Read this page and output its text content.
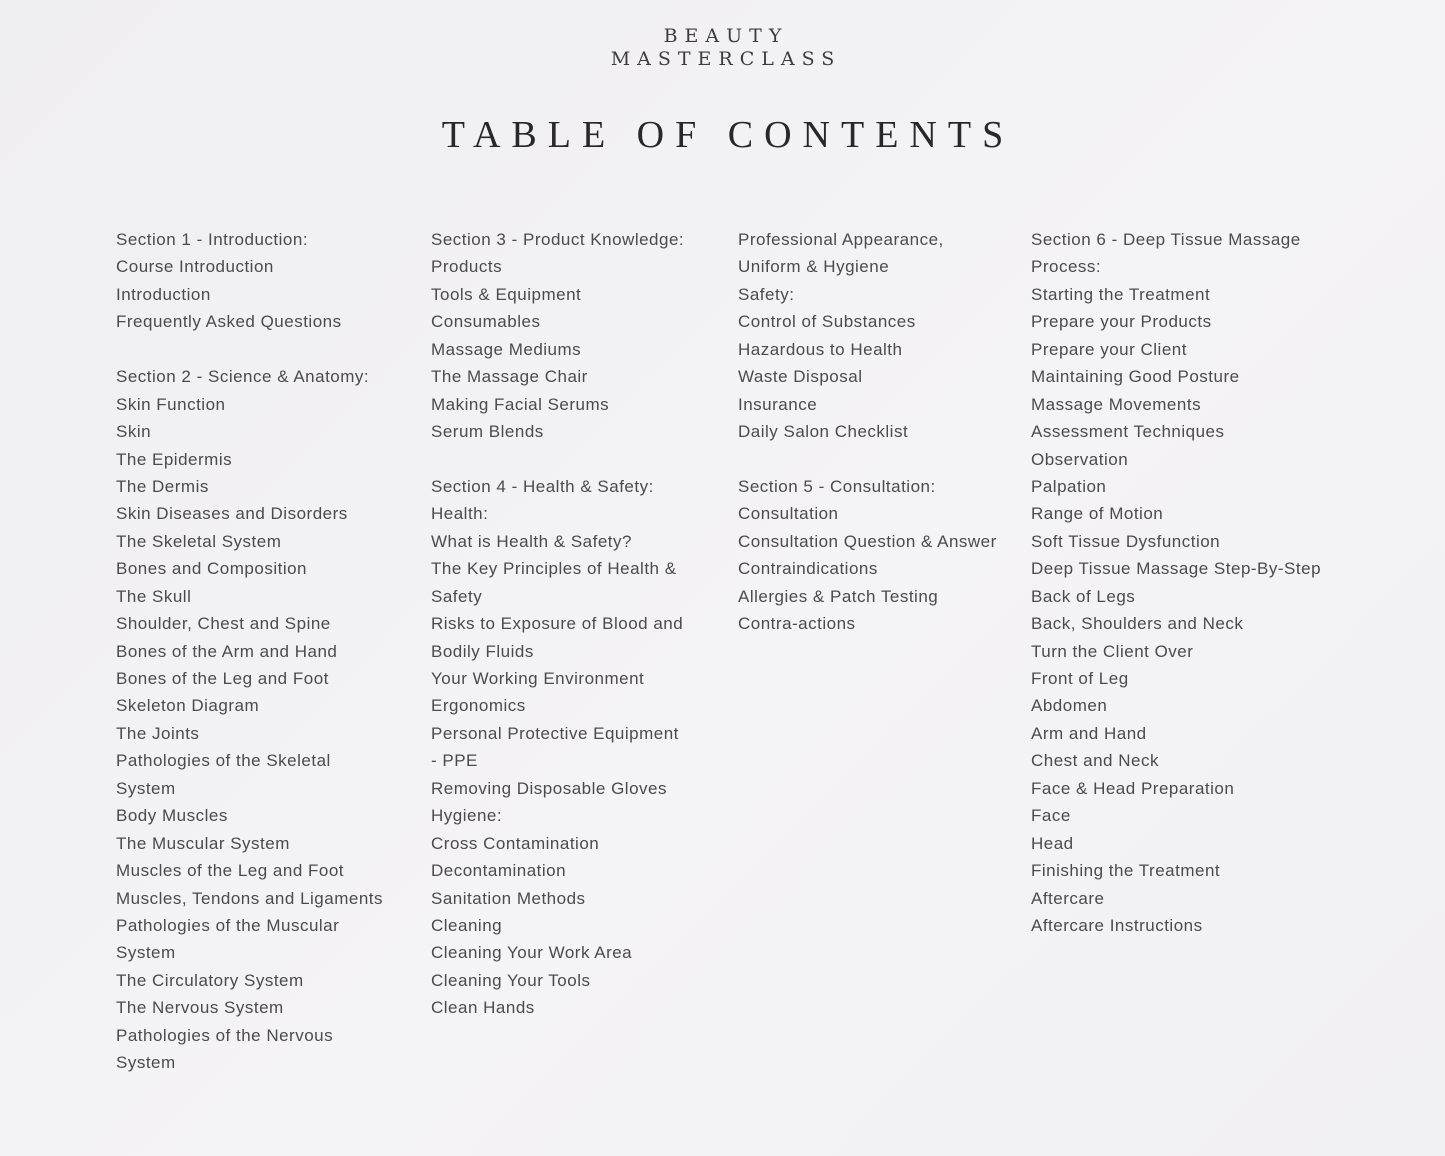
BEAUTY
MASTERCLASS
TABLE OF CONTENTS
Section 1 - Introduction:
Course Introduction
Introduction
Frequently Asked Questions
Section 2 - Science & Anatomy:
Skin Function
Skin
The Epidermis
The Dermis
Skin Diseases and Disorders
The Skeletal System
Bones and Composition
The Skull
Shoulder, Chest and Spine
Bones of the Arm and Hand
Bones of the Leg and Foot
Skeleton Diagram
The Joints
Pathologies of the Skeletal
System
Body Muscles
The Muscular System
Muscles of the Leg and Foot
Muscles, Tendons and Ligaments
Pathologies of the Muscular
System
The Circulatory System
The Nervous System
Pathologies of the Nervous
System
Section 3 - Product Knowledge:
Products
Tools & Equipment
Consumables
Massage Mediums
The Massage Chair
Making Facial Serums
Serum Blends
Section 4 - Health & Safety:
Health:
What is Health & Safety?
The Key Principles of Health &
Safety
Risks to Exposure of Blood and
Bodily Fluids
Your Working Environment
Ergonomics
Personal Protective Equipment
- PPE
Removing Disposable Gloves
Hygiene:
Cross Contamination
Decontamination
Sanitation Methods
Cleaning
Cleaning Your Work Area
Cleaning Your Tools
Clean Hands
Professional Appearance,
Uniform & Hygiene
Safety:
Control of Substances
Hazardous to Health
Waste Disposal
Insurance
Daily Salon Checklist
Section 5 - Consultation:
Consultation
Consultation Question & Answer
Contraindications
Allergies & Patch Testing
Contra-actions
Section 6 - Deep Tissue Massage
Process:
Starting the Treatment
Prepare your Products
Prepare your Client
Maintaining Good Posture
Massage Movements
Assessment Techniques
Observation
Palpation
Range of Motion
Soft Tissue Dysfunction
Deep Tissue Massage Step-By-Step
Back of Legs
Back, Shoulders and Neck
Turn the Client Over
Front of Leg
Abdomen
Arm and Hand
Chest and Neck
Face & Head Preparation
Face
Head
Finishing the Treatment
Aftercare
Aftercare Instructions
